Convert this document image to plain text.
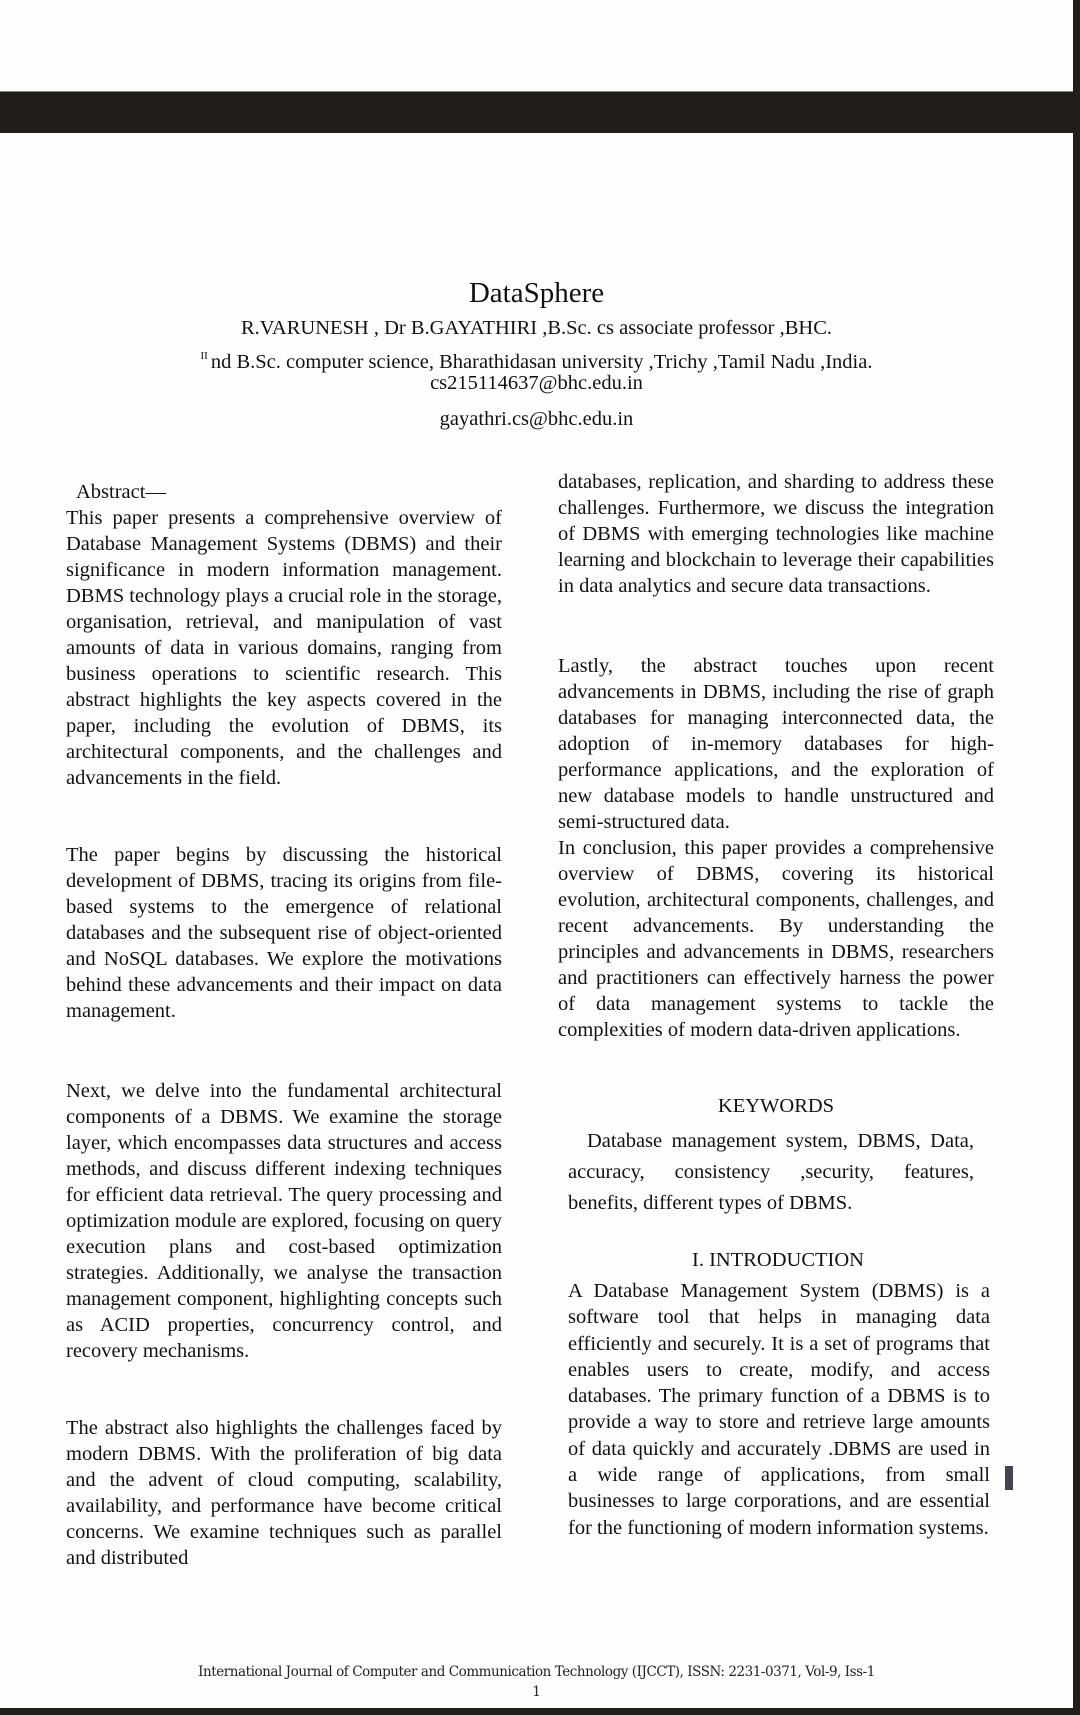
DataSphere
R.VARUNESH , Dr B.GAYATHIRI ,B.Sc. cs associate professor ,BHC.
$^{II}$ nd B.Sc. computer science, Bharathidasan university ,Trichy ,Tamil Nadu ,India.
cs215114637@bhc.edu.in
gayathri.cs@bhc.edu.in
Abstract—

This paper presents a comprehensive overview of Database Management Systems (DBMS) and their significance in modern information management. DBMS technology plays a crucial role in the storage, organisation, retrieval, and manipulation of vast amounts of data in various domains, ranging from business operations to scientific research. This abstract highlights the key aspects covered in the paper, including the evolution of DBMS, its architectural components, and the challenges and advancements in the field.

The paper begins by discussing the historical development of DBMS, tracing its origins from file-based systems to the emergence of relational databases and the subsequent rise of object-oriented and NoSQL databases. We explore the motivations behind these advancements and their impact on data management.

Next, we delve into the fundamental architectural components of a DBMS. We examine the storage layer, which encompasses data structures and access methods, and discuss different indexing techniques for efficient data retrieval. The query processing and optimization module are explored, focusing on query execution plans and cost-based optimization strategies. Additionally, we analyse the transaction management component, highlighting concepts such as ACID properties, concurrency control, and recovery mechanisms.

The abstract also highlights the challenges faced by modern DBMS. With the proliferation of big data and the advent of cloud computing, scalability, availability, and performance have become critical concerns. We examine techniques such as parallel and distributed

databases, replication, and sharding to address these challenges. Furthermore, we discuss the integration of DBMS with emerging technologies like machine learning and blockchain to leverage their capabilities in data analytics and secure data transactions.

Lastly, the abstract touches upon recent advancements in DBMS, including the rise of graph databases for managing interconnected data, the adoption of in-memory databases for high-performance applications, and the exploration of new database models to handle unstructured and semi-structured data.

In conclusion, this paper provides a comprehensive overview of DBMS, covering its historical evolution, architectural components, challenges, and recent advancements. By understanding the principles and advancements in DBMS, researchers and practitioners can effectively harness the power of data management systems to tackle the complexities of modern data-driven applications.

KEYWORDS
Database management system, DBMS, Data, accuracy, consistency ,security, features, benefits, different types of DBMS.
I. INTRODUCTION
A Database Management System (DBMS) is a software tool that helps in managing data efficiently and securely. It is a set of programs that enables users to create, modify, and access databases. The primary function of a DBMS is to provide a way to store and retrieve large amounts of data quickly and accurately .DBMS are used in a wide range of applications, from small businesses to large corporations, and are essential for the functioning of modern information systems.
International Journal of Computer and Communication Technology (IJCCT), ISSN: 2231-0371, Vol-9, Iss-1
1
